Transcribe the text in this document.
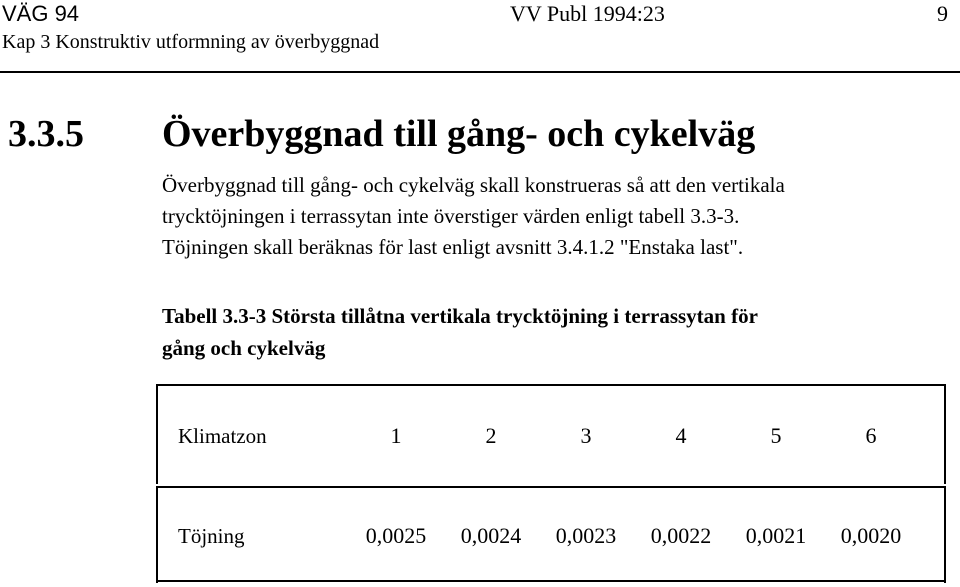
VÄG 94
Kap 3 Konstruktiv utformning av överbyggnad
VV Publ 1994:23	9
3.3.5 Överbyggnad till gång- och cykelväg

Överbyggnad till gång- och cykelväg skall konstrueras så att den vertikala

trycktöjningen i terrassytan inte överstiger värden enligt tabell 3.3-3.

Töjningen skall beräknas för last enligt avsnitt 3.4.1.2 "Enstaka last".

Tabell 3.3-3 Största tillåtna vertikala trycktöjning i terrassytan för
gång och cykelväg
Klimatzon	1	2	3	4	5	6
Töjning	0,0025	0,0024	0,0023	0,0022	0,0021	0,0020
